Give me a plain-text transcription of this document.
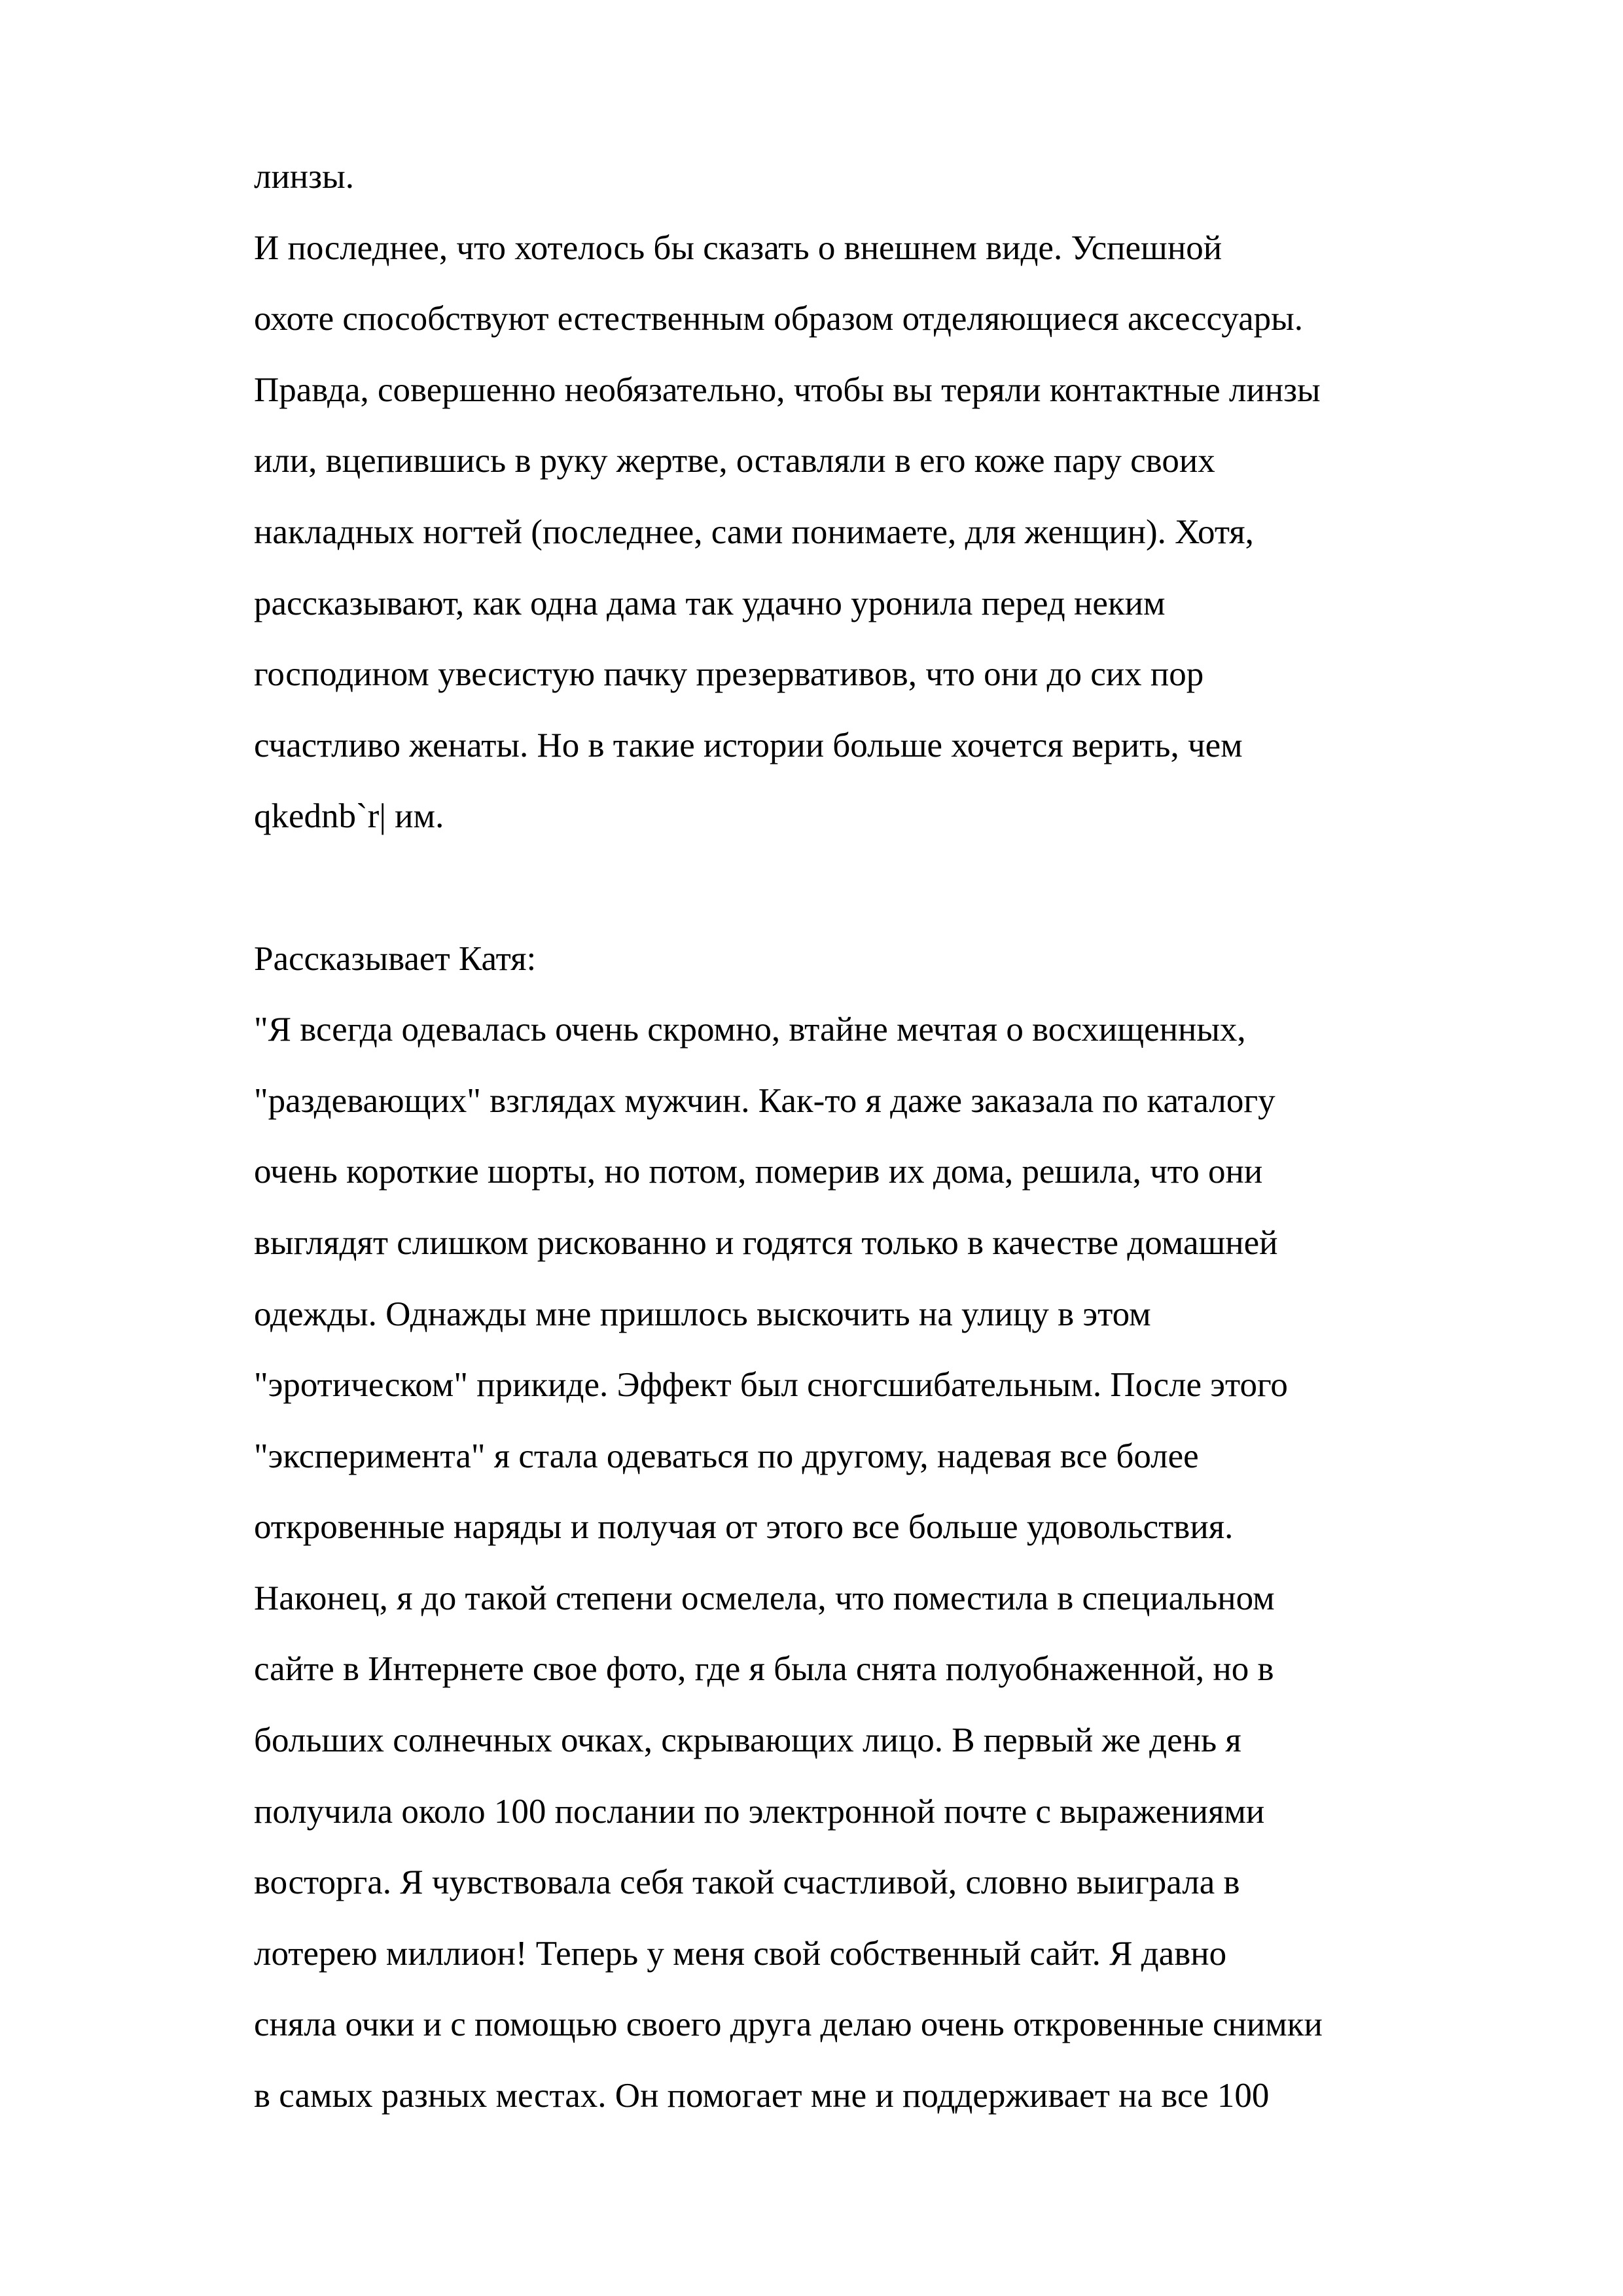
линзы.
И последнее, что хотелось бы сказать о внешнем виде. Успешной
охоте способствуют естественным образом отделяющиеся аксессуары.
Правда, совершенно необязательно, чтобы вы теряли контактные линзы
или, вцепившись в руку жертве, оставляли в его коже пару своих
накладных ногтей (последнее, сами понимаете, для женщин). Хотя,
рассказывают, как одна дама так удачно уронила перед неким
господином увесистую пачку презервативов, что они до сих пор
счастливо женаты. Но в такие истории больше хочется верить, чем
qkednb`r| им.
Рассказывает Катя:
"Я всегда одевалась очень скромно, втайне мечтая о восхищенных,
"раздевающих" взглядах мужчин. Как-то я даже заказала по каталогу
очень короткие шорты, но потом, померив их дома, решила, что они
выглядят слишком рискованно и годятся только в качестве домашней
одежды. Однажды мне пришлось выскочить на улицу в этом
"эротическом" прикиде. Эффект был сногсшибательным. После этого
"эксперимента" я стала одеваться по другому, надевая все более
откровенные наряды и получая от этого все больше удовольствия.
Наконец, я до такой степени осмелела, что поместила в специальном
сайте в Интернете свое фото, где я была снята полуобнаженной, но в
больших солнечных очках, скрывающих лицо. В первый же день я
получила около 100 послании по электронной почте с выражениями
восторга. Я чувствовала себя такой счастливой, словно выиграла в
лотерею миллион! Теперь у меня свой собственный сайт. Я давно
сняла очки и с помощью своего друга делаю очень откровенные снимки
в самых разных местах. Он помогает мне и поддерживает на все 100
